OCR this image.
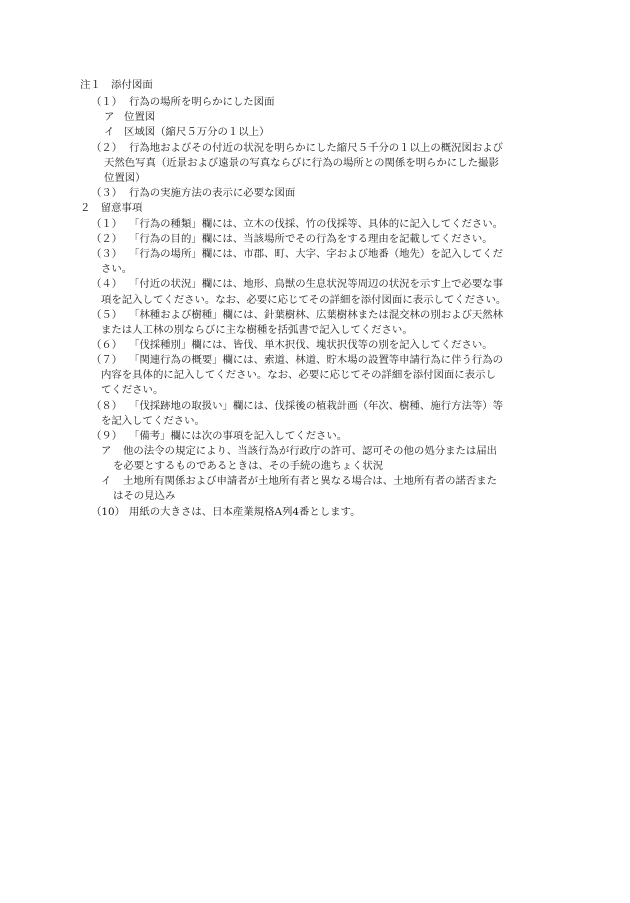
注１　添付図面
（１） 行為の場所を明らかにした図面
ア 位置図
イ 区域図（縮尺５万分の１以上）
（２） 行為地およびその付近の状況を明らかにした縮尺５千分の１以上の概況図および
天然色写真（近景および遠景の写真ならびに行為の場所との関係を明らかにした撮影
位置図）
（３） 行為の実施方法の表示に必要な図面
２　留意事項
（１） 「行為の種類」欄には、立木の伐採、竹の伐採等、具体的に記入してください。
（２） 「行為の目的」欄には、当該場所でその行為をする理由を記載してください。
（３） 「行為の場所」欄には、市郡、町、大字、字および地番（地先）を記入してくだ
さい。
（４） 「付近の状況」欄には、地形、鳥獣の生息状況等周辺の状況を示す上で必要な事
項を記入してください。なお、必要に応じてその詳細を添付図面に表示してください。
（５） 「林種および樹種」欄には、針葉樹林、広葉樹林または混交林の別および天然林
または人工林の別ならびに主な樹種を括弧書で記入してください。
（６） 「伐採種別」欄には、皆伐、単木択伐、塊状択伐等の別を記入してください。
（７） 「関連行為の概要」欄には、索道、林道、貯木場の設置等申請行為に伴う行為の
内容を具体的に記入してください。なお、必要に応じてその詳細を添付図面に表示し
てください。
（８） 「伐採跡地の取扱い」欄には、伐採後の植栽計画（年次、樹種、施行方法等）等
を記入してください。
（９） 「備考」欄には次の事項を記入してください。
ア 他の法令の規定により、当該行為が行政庁の許可、認可その他の処分または届出
を必要とするものであるときは、その手続の進ちょく状況
イ 土地所有関係および申請者が土地所有者と異なる場合は、土地所有者の諾否また
はその見込み
（10） 用紙の大きさは、日本産業規格A列4番とします。
